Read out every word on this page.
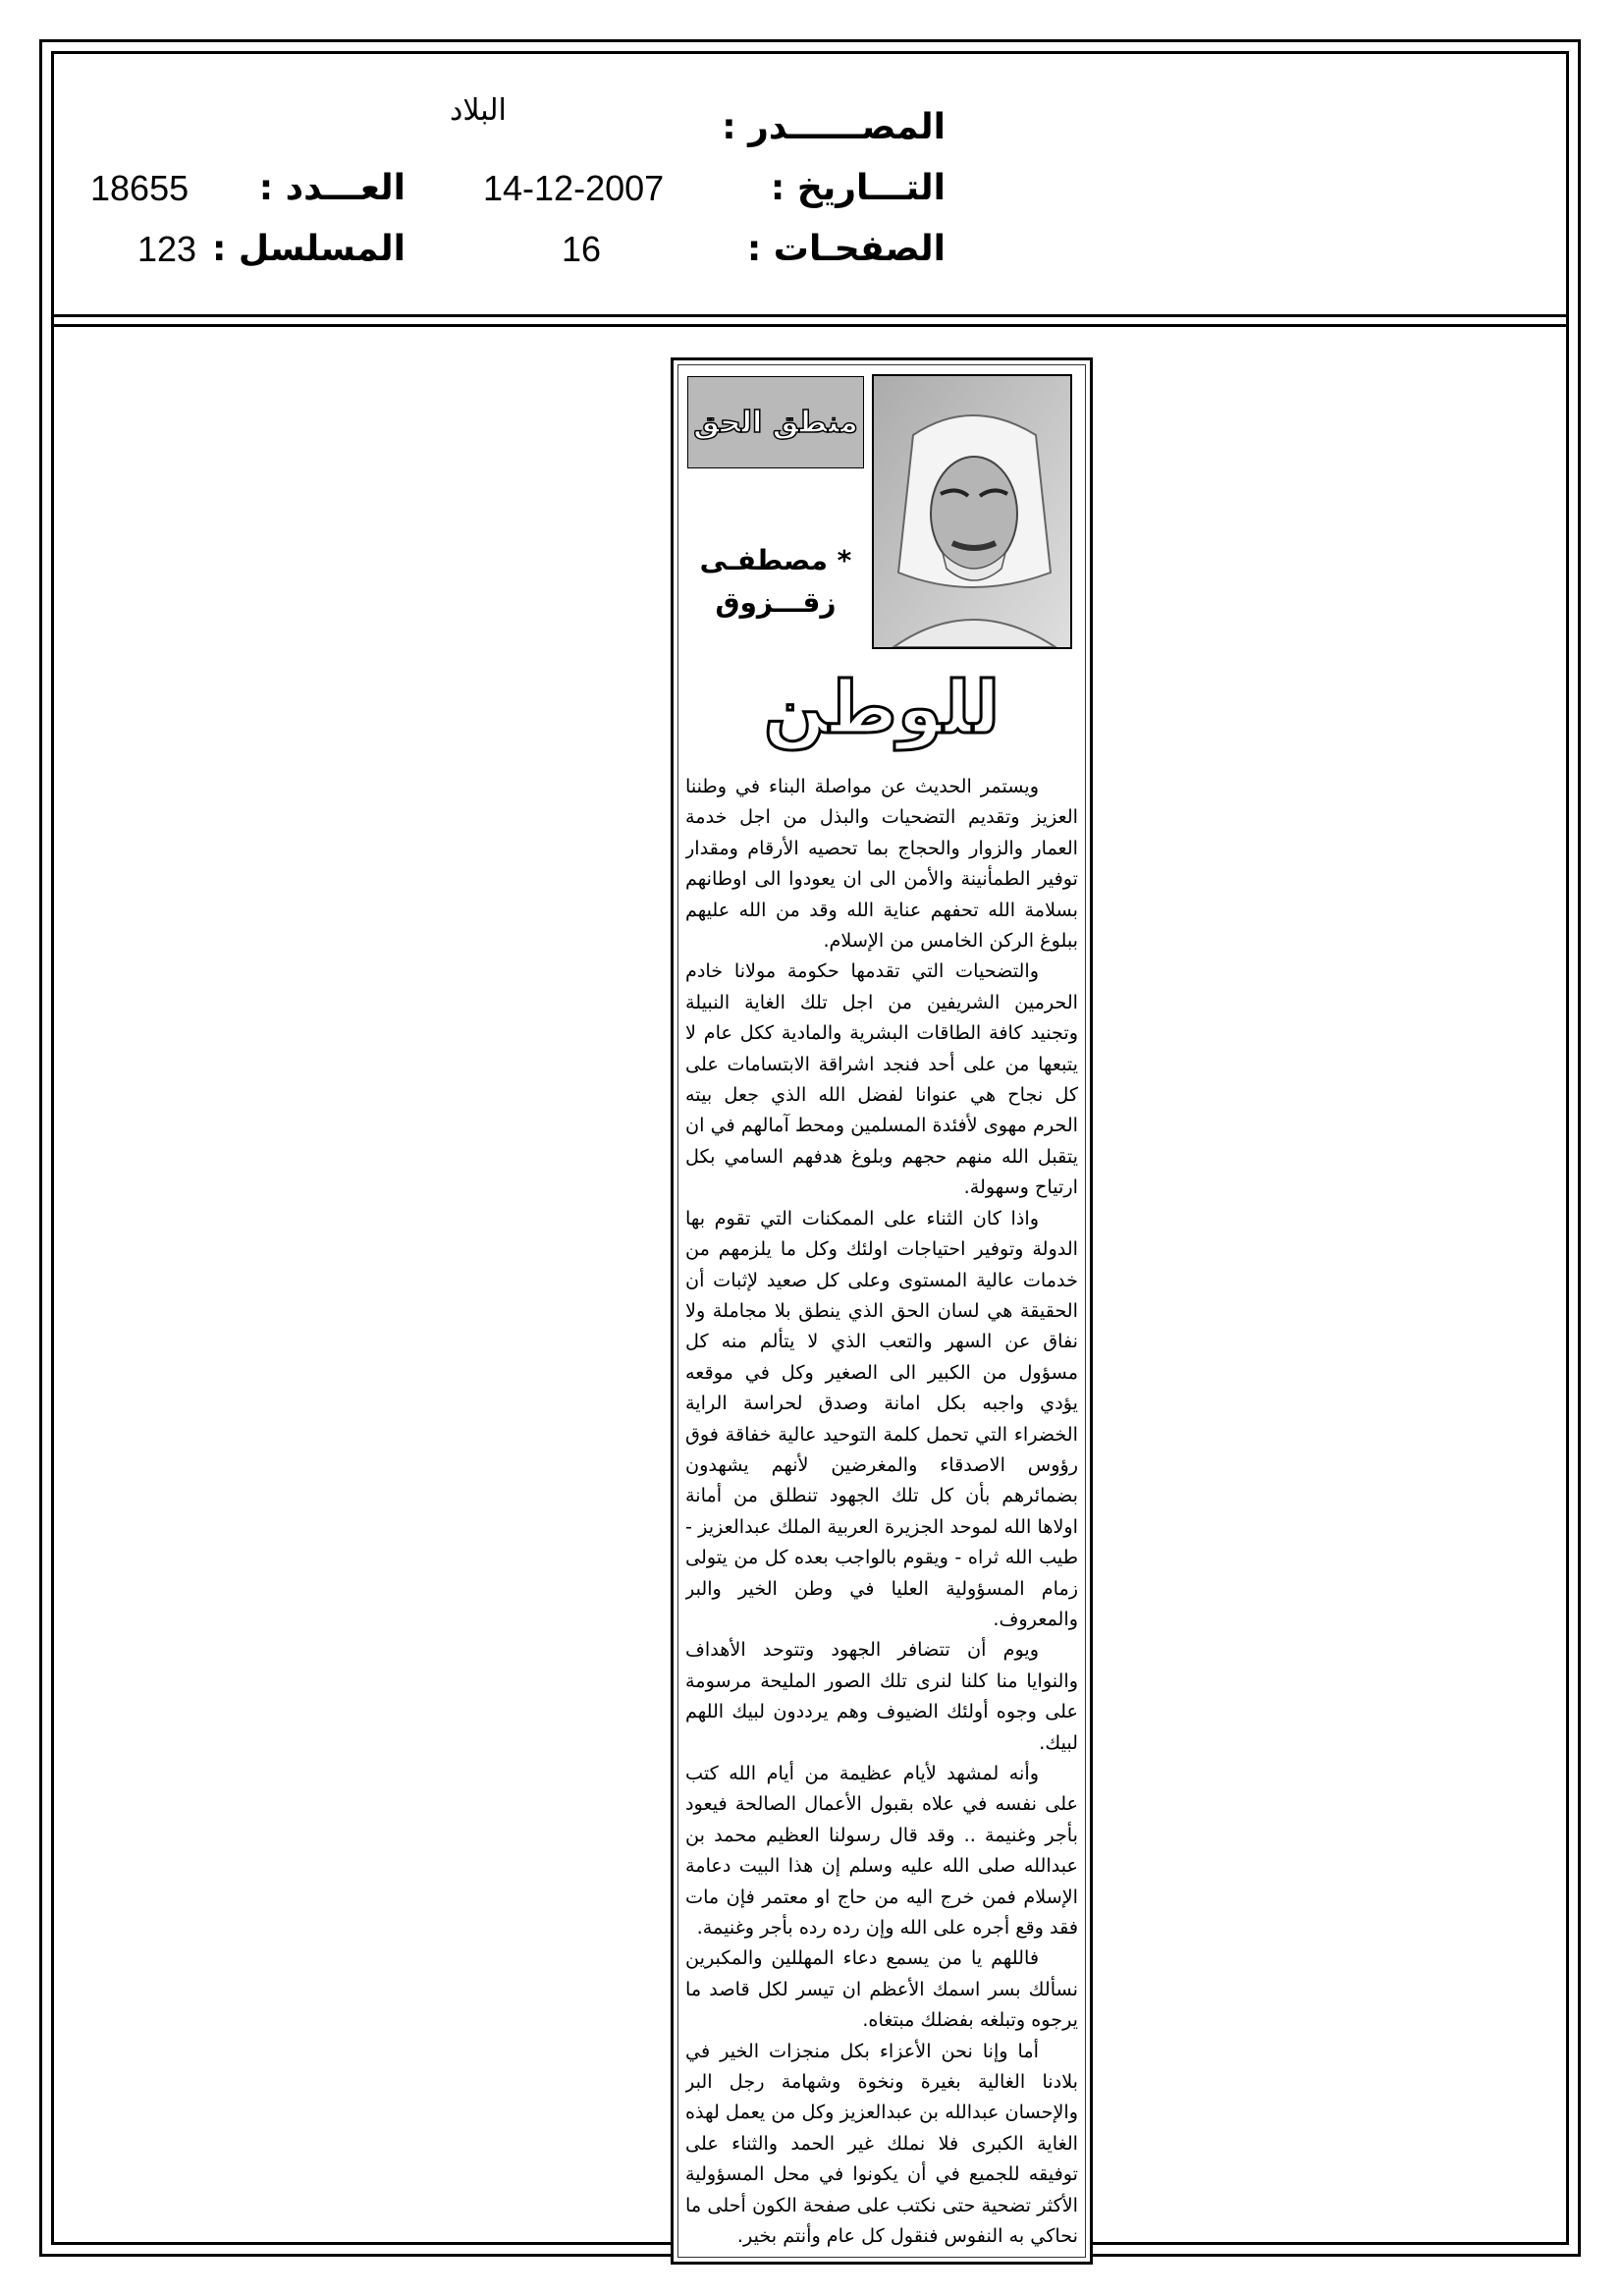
المصــــــدر :
البلاد
التـــاريخ :
14-12-2007
العـــدد :
18655
الصفحـات :
16
المسلسل :
123
منطق الحق
* مصطفـى
زقـــزوق
للوطن

ويستمر الحديث عن مواصلة البناء في وطننا العزيز وتقديم التضحيات والبذل من اجل خدمة العمار والزوار والحجاج بما تحصيه الأرقام ومقدار توفير الطمأنينة والأمن الى ان يعودوا الى اوطانهم بسلامة الله تحفهم عناية الله وقد من الله عليهم ببلوغ الركن الخامس من الإسلام.

والتضحيات التي تقدمها حكومة مولانا خادم الحرمين الشريفين من اجل تلك الغاية النبيلة وتجنيد كافة الطاقات البشرية والمادية ككل عام لا يتبعها من على أحد فنجد اشراقة الابتسامات على كل نجاح هي عنوانا لفضل الله الذي جعل بيته الحرم مهوى لأفئدة المسلمين ومحط آمالهم في ان يتقبل الله منهم حجهم وبلوغ هدفهم السامي بكل ارتياح وسهولة.

واذا كان الثناء على الممكنات التي تقوم بها الدولة وتوفير احتياجات اولئك وكل ما يلزمهم من خدمات عالية المستوى وعلى كل صعيد لإثبات أن الحقيقة هي لسان الحق الذي ينطق بلا مجاملة ولا نفاق عن السهر والتعب الذي لا يتألم منه كل مسؤول من الكبير الى الصغير وكل في موقعه يؤدي واجبه بكل امانة وصدق لحراسة الراية الخضراء التي تحمل كلمة التوحيد عالية خفاقة فوق رؤوس الاصدقاء والمغرضين لأنهم يشهدون بضمائرهم بأن كل تلك الجهود تنطلق من أمانة اولاها الله لموحد الجزيرة العربية الملك عبدالعزيز - طيب الله ثراه - ويقوم بالواجب بعده كل من يتولى زمام المسؤولية العليا في وطن الخير والبر والمعروف.

ويوم أن تتضافر الجهود وتتوحد الأهداف والنوايا منا كلنا لنرى تلك الصور المليحة مرسومة على وجوه أولئك الضيوف وهم يرددون لبيك اللهم لبيك.

وأنه لمشهد لأيام عظيمة من أيام الله كتب على نفسه في علاه بقبول الأعمال الصالحة فيعود بأجر وغنيمة .. وقد قال رسولنا العظيم محمد بن عبدالله صلى الله عليه وسلم إن هذا البيت دعامة الإسلام فمن خرج اليه من حاج او معتمر فإن مات فقد وقع أجره على الله وإن رده رده بأجر وغنيمة.

فاللهم يا من يسمع دعاء المهللين والمكبرين نسألك بسر اسمك الأعظم ان تيسر لكل قاصد ما يرجوه وتبلغه بفضلك مبتغاه.

أما وإنا نحن الأعزاء بكل منجزات الخير في بلادنا الغالية بغيرة ونخوة وشهامة رجل البر والإحسان عبدالله بن عبدالعزيز وكل من يعمل لهذه الغاية الكبرى فلا نملك غير الحمد والثناء على توفيقه للجميع في أن يكونوا في محل المسؤولية الأكثر تضحية حتى نكتب على صفحة الكون أحلى ما نحاكي به النفوس فنقول كل عام وأنتم بخير.
